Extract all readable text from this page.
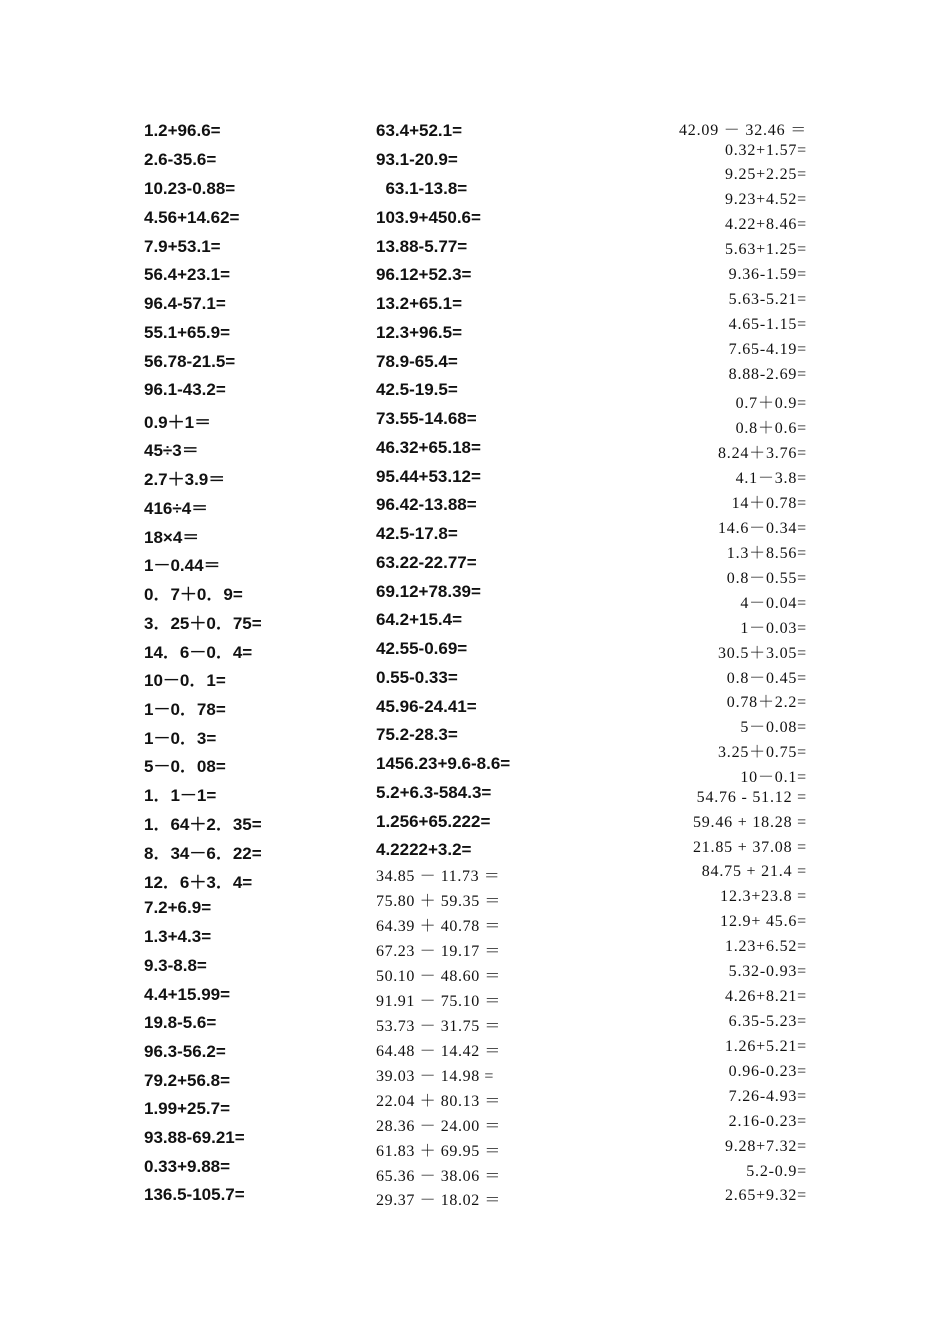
1.2+96.6=
2.6-35.6=
10.23-0.88=
4.56+14.62=
7.9+53.1=
56.4+23.1=
96.4-57.1=
55.1+65.9=
56.78-21.5=
96.1-43.2=
0.9＋1＝
45÷3＝
2.7＋3.9＝
416÷4＝
18×4＝
1－0.44＝
0．7＋0．9=
3．25＋0．75=
14．6－0．4=
10－0．1=
1－0．78=
1－0．3=
5－0．08=
1．1－1=
1．64＋2．35=
8．34－6．22=
12．6＋3．4=
7.2+6.9=
1.3+4.3=
9.3-8.8=
4.4+15.99=
19.8-5.6=
96.3-56.2=
79.2+56.8=
1.99+25.7=
93.88-69.21=
0.33+9.88=
136.5-105.7=
63.4+52.1=
93.1-20.9=
63.1-13.8=
103.9+450.6=
13.88-5.77=
96.12+52.3=
13.2+65.1=
12.3+96.5=
78.9-65.4=
42.5-19.5=
73.55-14.68=
46.32+65.18=
95.44+53.12=
96.42-13.88=
42.5-17.8=
63.22-22.77=
69.12+78.39=
64.2+15.4=
42.55-0.69=
0.55-0.33=
45.96-24.41=
75.2-28.3=
1456.23+9.6-8.6=
5.2+6.3-584.3=
1.256+65.222=
4.2222+3.2=
34.85 － 11.73 ＝
75.80 ＋ 59.35 ＝
64.39 ＋ 40.78 ＝
67.23 － 19.17 ＝
50.10 － 48.60 ＝
91.91 － 75.10 ＝
53.73 － 31.75 ＝
64.48 － 14.42 ＝
39.03 － 14.98 =
22.04 ＋ 80.13 ＝
28.36 － 24.00 ＝
61.83 ＋ 69.95 ＝
65.36 － 38.06 ＝
29.37 － 18.02 ＝
42.09 － 32.46 ＝
0.32+1.57=
9.25+2.25=
9.23+4.52=
4.22+8.46=
5.63+1.25=
9.36-1.59=
5.63-5.21=
4.65-1.15=
7.65-4.19=
8.88-2.69=
0.7＋0.9=
0.8＋0.6=
8.24＋3.76=
4.1－3.8=
14＋0.78=
14.6－0.34=
1.3＋8.56=
0.8－0.55=
4－0.04=
1－0.03=
30.5＋3.05=
0.8－0.45=
0.78＋2.2=
5－0.08=
3.25＋0.75=
10－0.1=
54.76 - 51.12 =
59.46 + 18.28 =
21.85 + 37.08 =
84.75 + 21.4 =
12.3+23.8 =
12.9+ 45.6=
1.23+6.52=
5.32-0.93=
4.26+8.21=
6.35-5.23=
1.26+5.21=
0.96-0.23=
7.26-4.93=
2.16-0.23=
9.28+7.32=
5.2-0.9=
2.65+9.32=
